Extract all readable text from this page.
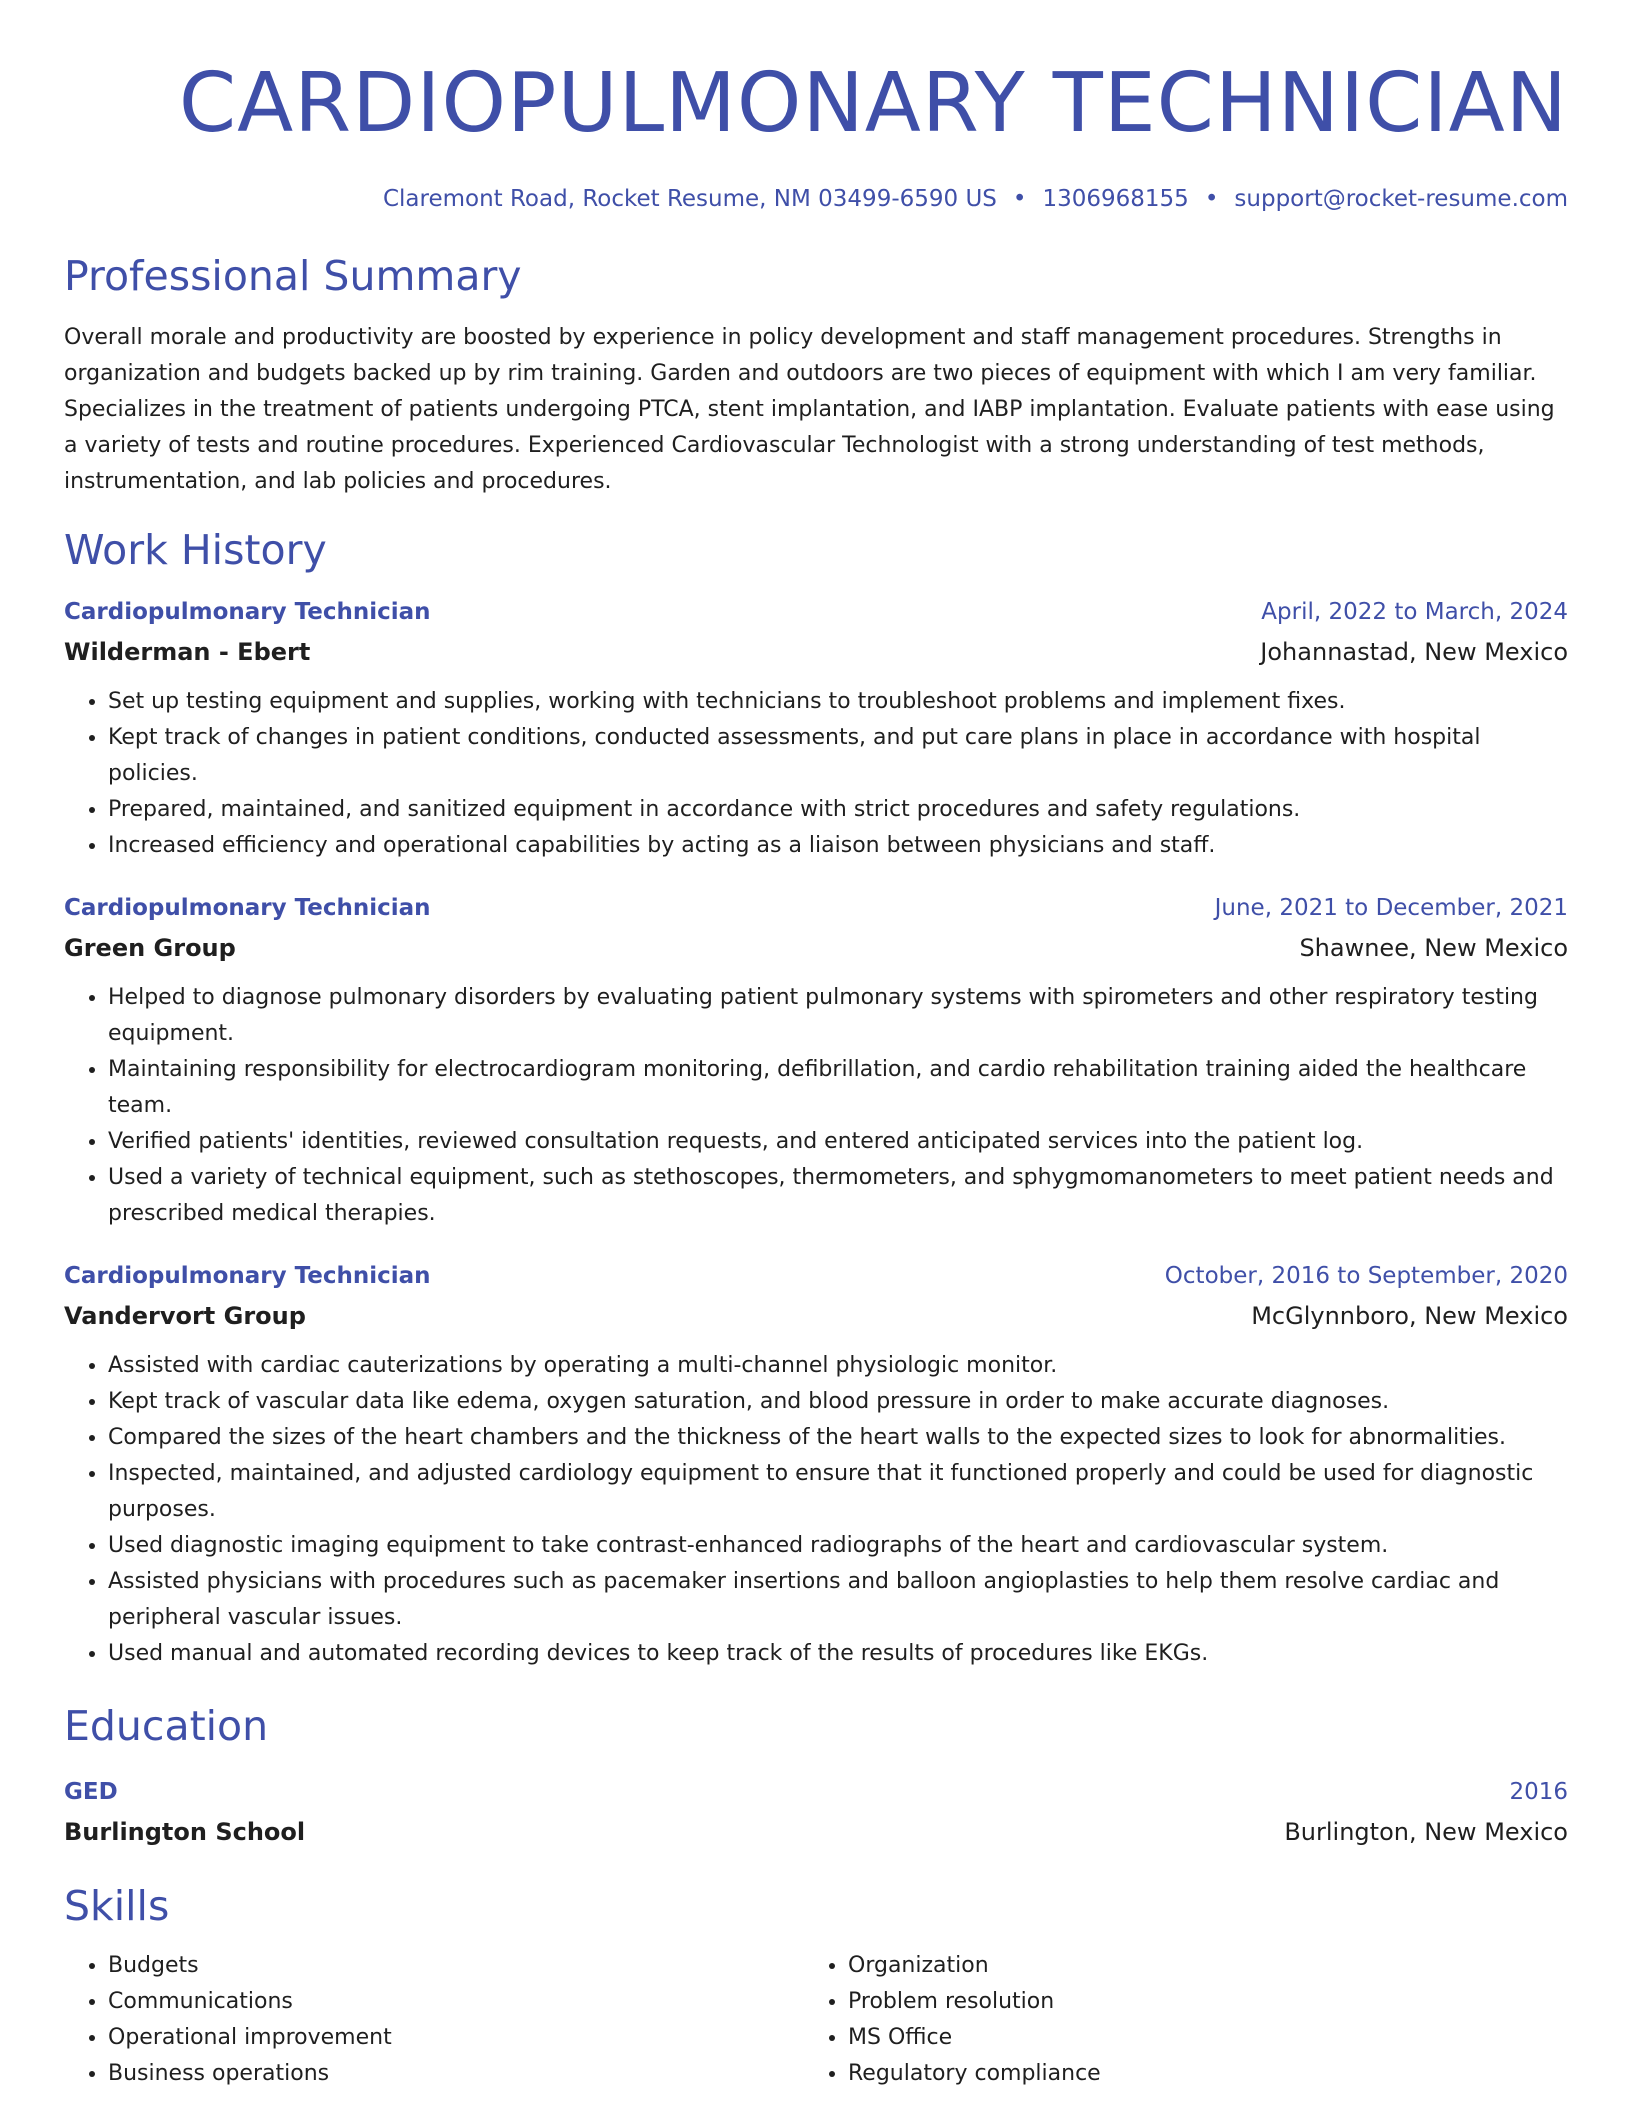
CARDIOPULMONARY TECHNICIAN
Claremont Road, Rocket Resume, NM 03499-6590 US • 1306968155 • support@rocket-resume.com
Professional Summary

Overall morale and productivity are boosted by experience in policy development and staff management procedures. Strengths in organization and budgets backed up by rim training. Garden and outdoors are two pieces of equipment with which I am very familiar. Specializes in the treatment of patients undergoing PTCA, stent implantation, and IABP implantation. Evaluate patients with ease using a variety of tests and routine procedures. Experienced Cardiovascular Technologist with a strong understanding of test methods, instrumentation, and lab policies and procedures.

Work History
Cardiopulmonary Technician	April, 2022 to March, 2024
Wilderman - Ebert	Johannastad, New Mexico
• Set up testing equipment and supplies, working with technicians to troubleshoot problems and implement fixes.
• Kept track of changes in patient conditions, conducted assessments, and put care plans in place in accordance with hospital policies.
• Prepared, maintained, and sanitized equipment in accordance with strict procedures and safety regulations.
• Increased efficiency and operational capabilities by acting as a liaison between physicians and staff.
Cardiopulmonary Technician	June, 2021 to December, 2021
Green Group	Shawnee, New Mexico
• Helped to diagnose pulmonary disorders by evaluating patient pulmonary systems with spirometers and other respiratory testing equipment.
• Maintaining responsibility for electrocardiogram monitoring, defibrillation, and cardio rehabilitation training aided the healthcare team.
• Verified patients' identities, reviewed consultation requests, and entered anticipated services into the patient log.
• Used a variety of technical equipment, such as stethoscopes, thermometers, and sphygmomanometers to meet patient needs and prescribed medical therapies.
Cardiopulmonary Technician	October, 2016 to September, 2020
Vandervort Group	McGlynnboro, New Mexico
• Assisted with cardiac cauterizations by operating a multi-channel physiologic monitor.
• Kept track of vascular data like edema, oxygen saturation, and blood pressure in order to make accurate diagnoses.
• Compared the sizes of the heart chambers and the thickness of the heart walls to the expected sizes to look for abnormalities.
• Inspected, maintained, and adjusted cardiology equipment to ensure that it functioned properly and could be used for diagnostic purposes.
• Used diagnostic imaging equipment to take contrast-enhanced radiographs of the heart and cardiovascular system.
• Assisted physicians with procedures such as pacemaker insertions and balloon angioplasties to help them resolve cardiac and peripheral vascular issues.
• Used manual and automated recording devices to keep track of the results of procedures like EKGs.
Education
GED	2016
Burlington School	Burlington, New Mexico
Skills
• Budgets
• Communications
• Operational improvement
• Business operations
• Organization
• Problem resolution
• MS Office
• Regulatory compliance
